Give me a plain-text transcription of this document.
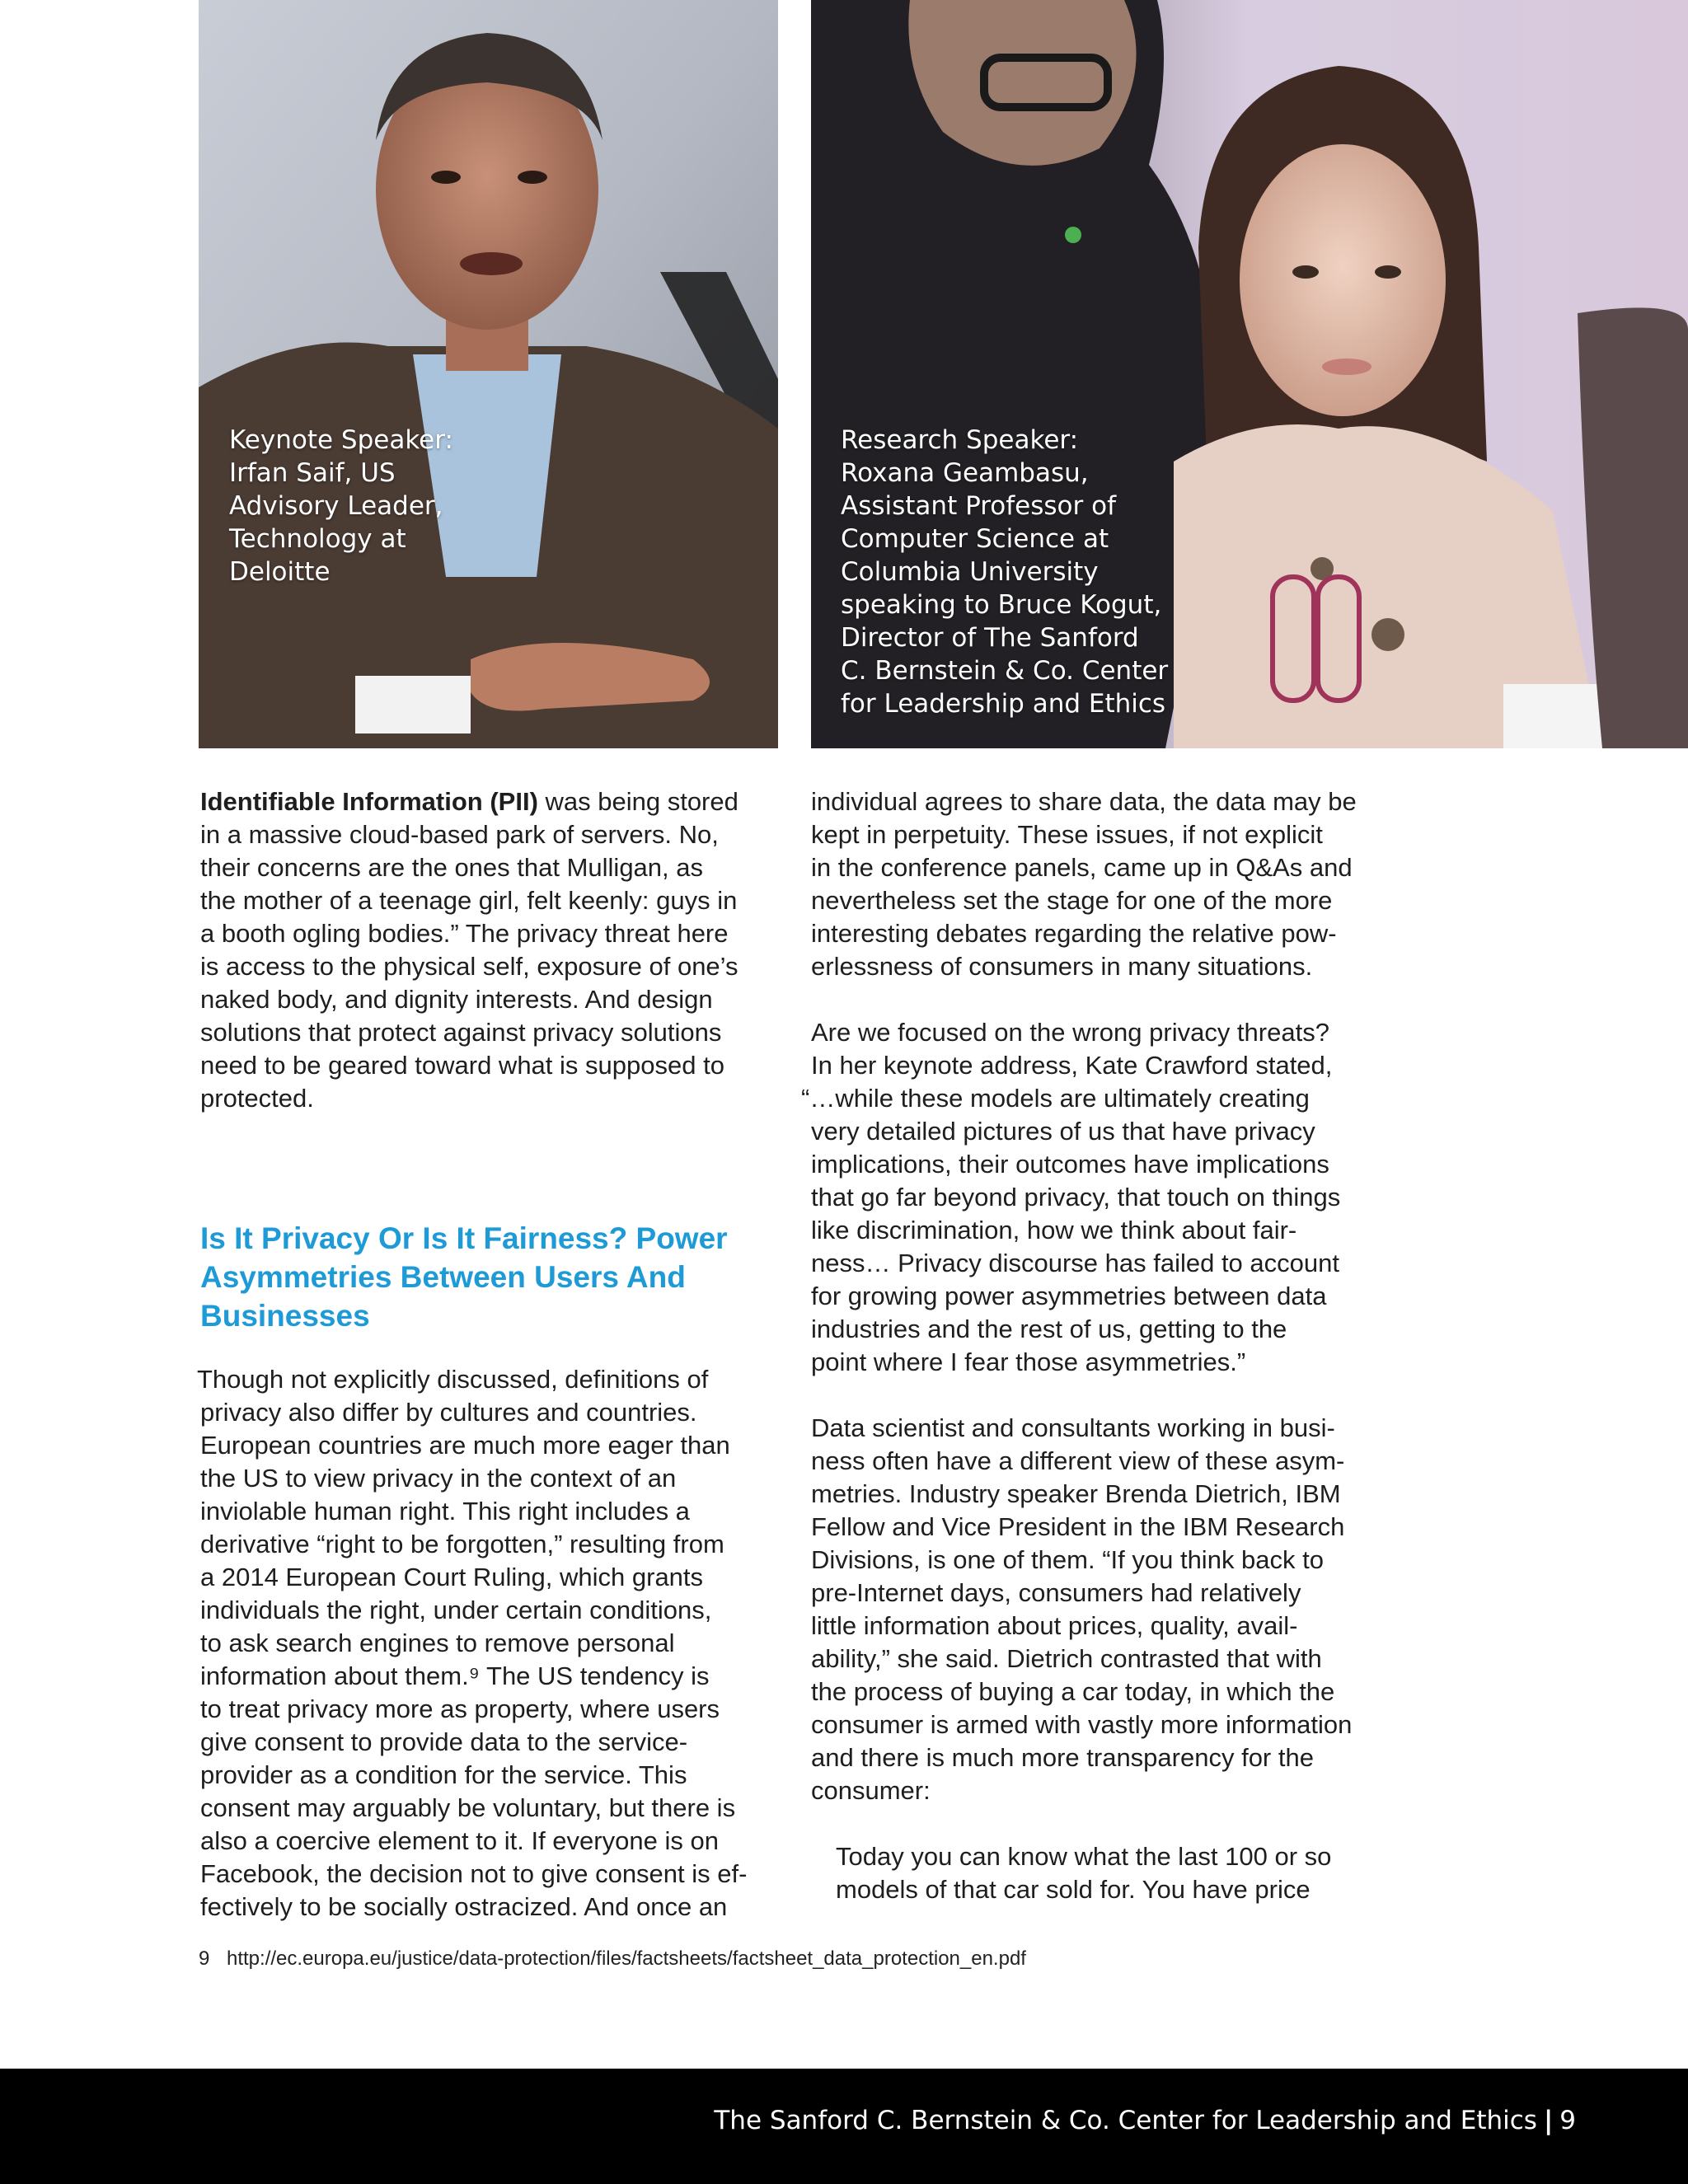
Keynote Speaker:
Irfan Saif, US
Advisory Leader,
Technology at
Deloitte
Research Speaker:
Roxana Geambasu,
Assistant Professor of
Computer Science at
Columbia University
speaking to Bruce Kogut,
Director of The Sanford
C. Bernstein & Co. Center
for Leadership and Ethics

Identifiable Information (PII) was being stored
in a massive cloud-based park of servers. No,
their concerns are the ones that Mulligan, as
the mother of a teenage girl, felt keenly: guys in
a booth ogling bodies.” The privacy threat here
is access to the physical self, exposure of one’s
naked body, and dignity interests. And design
solutions that protect against privacy solutions
need to be geared toward what is supposed to
protected.

Is It Privacy Or Is It Fairness? Power
Asymmetries Between Users And
Businesses

Though not explicitly discussed, definitions of
privacy also differ by cultures and countries.
European countries are much more eager than
the US to view privacy in the context of an
inviolable human right. This right includes a
derivative “right to be forgotten,” resulting from
a 2014 European Court Ruling, which grants
individuals the right, under certain conditions,
to ask search engines to remove personal
information about them.⁹ The US tendency is
to treat privacy more as property, where users
give consent to provide data to the service-
provider as a condition for the service. This
consent may arguably be voluntary, but there is
also a coercive element to it. If everyone is on
Facebook, the decision not to give consent is ef-
fectively to be socially ostracized. And once an

individual agrees to share data, the data may be
kept in perpetuity. These issues, if not explicit
in the conference panels, came up in Q&As and
nevertheless set the stage for one of the more
interesting debates regarding the relative pow-
erlessness of consumers in many situations.

Are we focused on the wrong privacy threats?
In her keynote address, Kate Crawford stated,
“…while these models are ultimately creating
very detailed pictures of us that have privacy
implications, their outcomes have implications
that go far beyond privacy, that touch on things
like discrimination, how we think about fair-
ness… Privacy discourse has failed to account
for growing power asymmetries between data
industries and the rest of us, getting to the
point where I fear those asymmetries.”

Data scientist and consultants working in busi-
ness often have a different view of these asym-
metries. Industry speaker Brenda Dietrich, IBM
Fellow and Vice President in the IBM Research
Divisions, is one of them. “If you think back to
pre-Internet days, consumers had relatively
little information about prices, quality, avail-
ability,” she said. Dietrich contrasted that with
the process of buying a car today, in which the
consumer is armed with vastly more information
and there is much more transparency for the
consumer:

Today you can know what the last 100 or so
models of that car sold for. You have price

9 http://ec.europa.eu/justice/data-protection/files/factsheets/factsheet_data_protection_en.pdf
The Sanford C. Bernstein & Co. Center for Leadership and Ethics | 9
